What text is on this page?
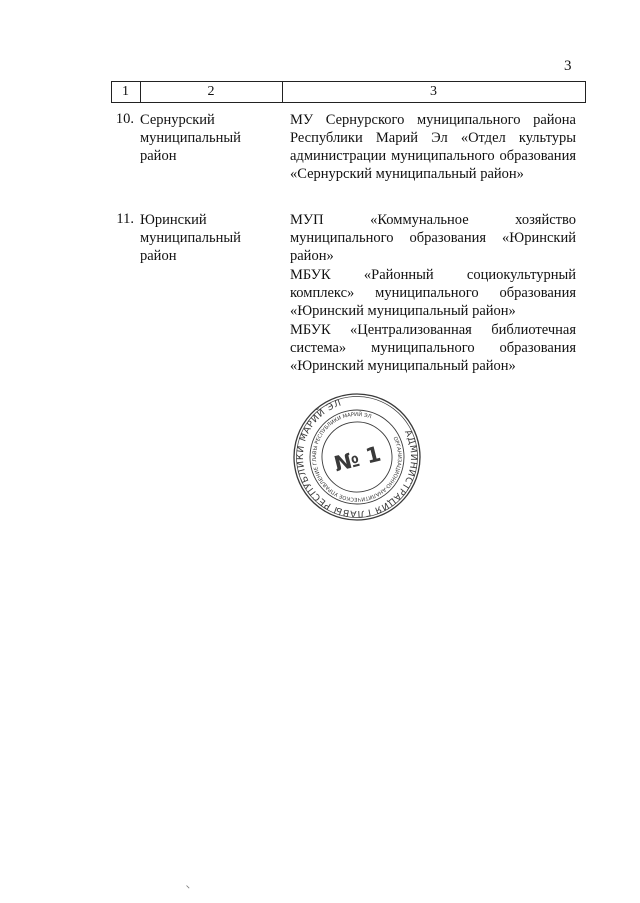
3
1	2	3
10. Сернурский муниципальный район
МУ Сернурского муниципального района Республики Марий Эл «Отдел культуры администрации муниципального образования «Сернурский муниципальный район»
11. Юринский муниципальный район
МУП «Коммунальное хозяйство муниципального образования «Юринский район»
МБУК «Районный социокультурный комплекс» муниципального образования «Юринский муниципальный район»
МБУК «Централизованная библиотечная система» муниципального образования «Юринский муниципальный район»
АДМИНИСТРАЦИЯ ГЛАВЫ РЕСПУБЛИКИ МАРИЙ ЭЛ
ОРГАНИЗАЦИОННО-АНАЛИТИЧЕСКОЕ УПРАВЛЕНИЕ ГЛАВЫ РЕСПУБЛИКИ МАРИЙ ЭЛ
№ 1
